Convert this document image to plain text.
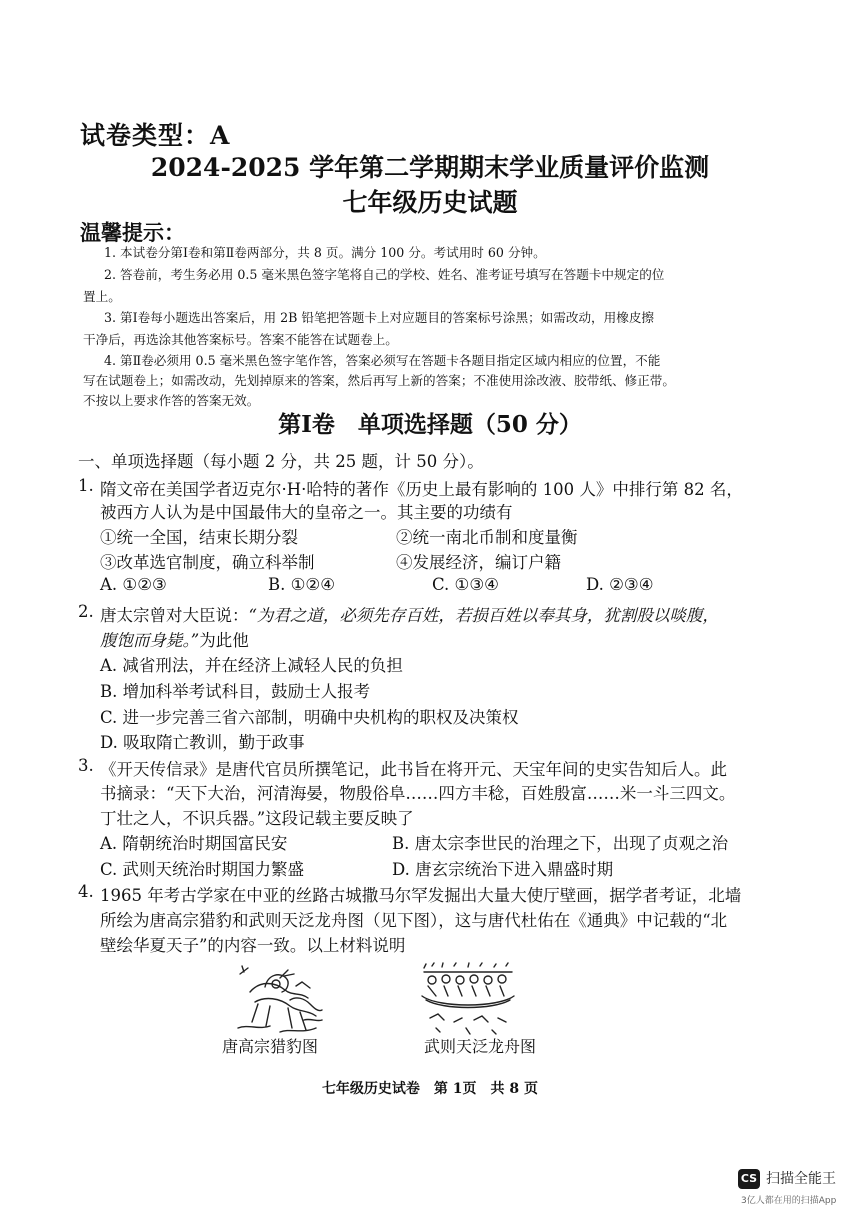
试卷类型：A
2024-2025 学年第二学期期末学业质量评价监测
七年级历史试题
温馨提示：
1. 本试卷分第Ⅰ卷和第Ⅱ卷两部分，共 8 页。满分 100 分。考试用时 60 分钟。
2. 答卷前，考生务必用 0.5 毫米黑色签字笔将自己的学校、姓名、准考证号填写在答题卡中规定的位
置上。
3. 第Ⅰ卷每小题选出答案后，用 2B 铅笔把答题卡上对应题目的答案标号涂黑；如需改动，用橡皮擦
干净后，再选涂其他答案标号。答案不能答在试题卷上。
4. 第Ⅱ卷必须用 0.5 毫米黑色签字笔作答，答案必须写在答题卡各题目指定区域内相应的位置，不能
写在试题卷上；如需改动，先划掉原来的答案，然后再写上新的答案；不准使用涂改液、胶带纸、修正带。
不按以上要求作答的答案无效。
第Ⅰ卷　单项选择题（50 分）
一、单项选择题（每小题 2 分，共 25 题，计 50 分）。
1. 隋文帝在美国学者迈克尔·H·哈特的著作《历史上最有影响的 100 人》中排行第 82 名，
被西方人认为是中国最伟大的皇帝之一。其主要的功绩有
①统一全国，结束长期分裂	②统一南北币制和度量衡
③改革选官制度，确立科举制	④发展经济，编订户籍
A. ①②③	B. ①②④	C. ①③④	D. ②③④
2. 唐太宗曾对大臣说：“为君之道，必须先存百姓，若损百姓以奉其身，犹割股以啖腹，
腹饱而身毙。”为此他
A. 减省刑法，并在经济上减轻人民的负担
B. 增加科举考试科目，鼓励士人报考
C. 进一步完善三省六部制，明确中央机构的职权及决策权
D. 吸取隋亡教训，勤于政事
3. 《开天传信录》是唐代官员所撰笔记，此书旨在将开元、天宝年间的史实告知后人。此
书摘录：“天下大治，河清海晏，物殷俗阜……四方丰稔，百姓殷富……米一斗三四文。
丁壮之人，不识兵器。”这段记载主要反映了
A. 隋朝统治时期国富民安	B. 唐太宗李世民的治理之下，出现了贞观之治
C. 武则天统治时期国力繁盛	D. 唐玄宗统治下进入鼎盛时期
4. 1965 年考古学家在中亚的丝路古城撒马尔罕发掘出大量大使厅壁画，据学者考证，北墙
所绘为唐高宗猎豹和武则天泛龙舟图（见下图），这与唐代杜佑在《通典》中记载的“北
壁绘华夏天子”的内容一致。以上材料说明
唐高宗猎豹图	武则天泛龙舟图
七年级历史试卷　第 1页　共 8 页
CS 扫描全能王
3亿人都在用的扫描App
